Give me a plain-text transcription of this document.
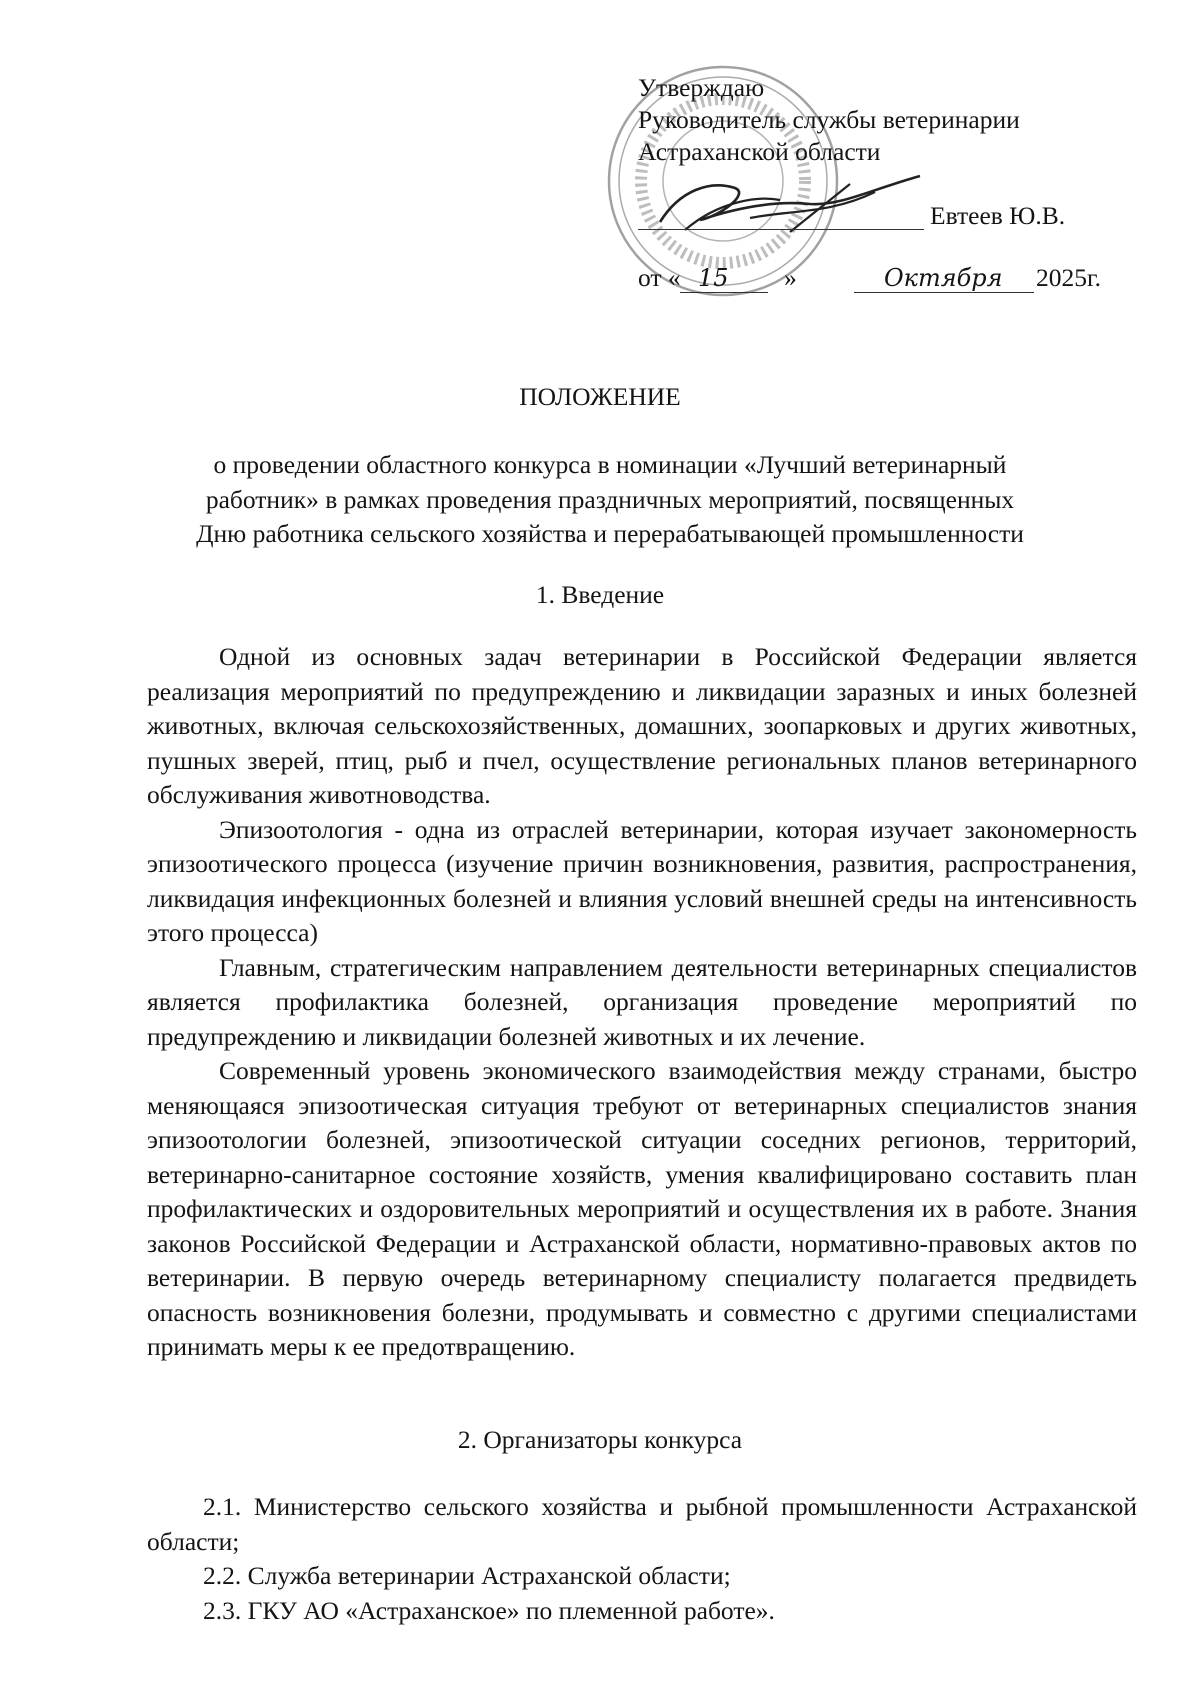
Утверждаю
Руководитель службы ветеринарии
Астраханской области
Евтеев Ю.В.
от « 15 »	Октября 2025г.
ПОЛОЖЕНИЕ
о проведении областного конкурса в номинации «Лучший ветеринарный
работник» в рамках проведения праздничных мероприятий, посвященных
Дню работника сельского хозяйства и перерабатывающей промышленности
1. Введение

Одной из основных задач ветеринарии в Российской Федерации является реализация мероприятий по предупреждению и ликвидации заразных и иных болезней животных, включая сельскохозяйственных, домашних, зоопарковых и других животных, пушных зверей, птиц, рыб и пчел, осуществление региональных планов ветеринарного обслуживания животноводства.

Эпизоотология - одна из отраслей ветеринарии, которая изучает закономерность эпизоотического процесса (изучение причин возникновения, развития, распространения, ликвидация инфекционных болезней и влияния условий внешней среды на интенсивность этого процесса)

Главным, стратегическим направлением деятельности ветеринарных специалистов является профилактика болезней, организация проведение мероприятий по предупреждению и ликвидации болезней животных и их лечение.

Современный уровень экономического взаимодействия между странами, быстро меняющаяся эпизоотическая ситуация требуют от ветеринарных специалистов знания эпизоотологии болезней, эпизоотической ситуации соседних регионов, территорий, ветеринарно-санитарное состояние хозяйств, умения квалифицировано составить план профилактических и оздоровительных мероприятий и осуществления их в работе. Знания законов Российской Федерации и Астраханской области, нормативно-правовых актов по ветеринарии. В первую очередь ветеринарному специалисту полагается предвидеть опасность возникновения болезни, продумывать и совместно с другими специалистами принимать меры к ее предотвращению.

2. Организаторы конкурса

2.1. Министерство сельского хозяйства и рыбной промышленности Астраханской области;

2.2. Служба ветеринарии Астраханской области;

2.3. ГКУ АО «Астраханское» по племенной работе».
